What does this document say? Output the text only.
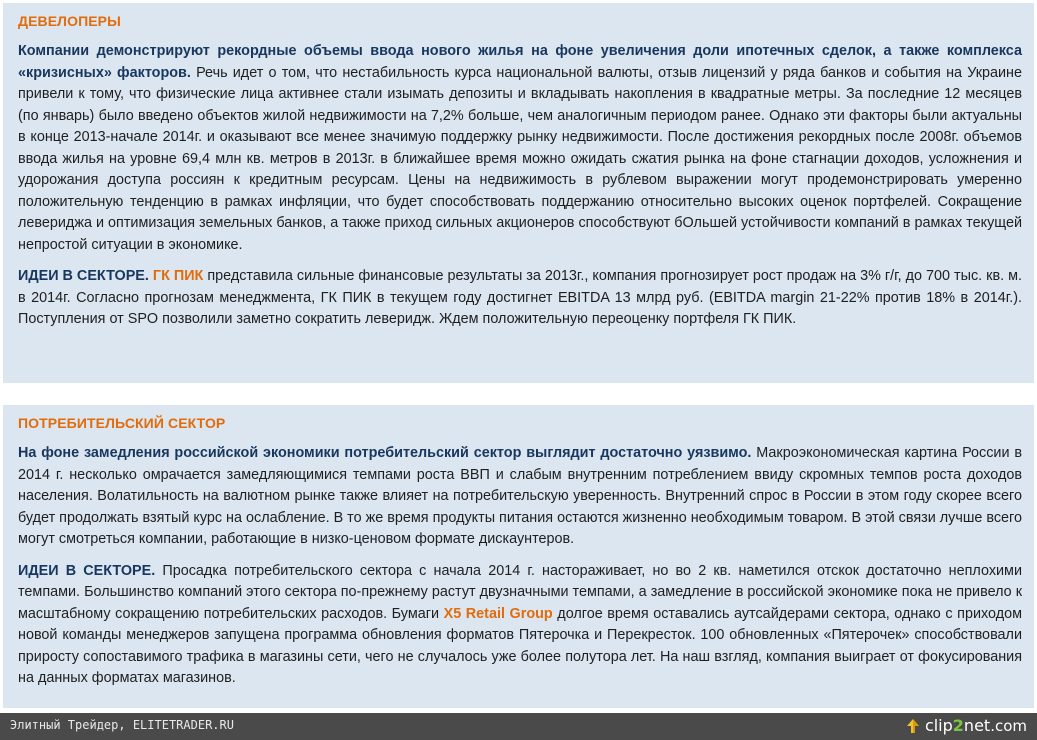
ДЕВЕЛОПЕРЫ

Компании демонстрируют рекордные объемы ввода нового жилья на фоне увеличения доли ипотечных сделок, а также комплекса «кризисных» факторов. Речь идет о том, что нестабильность курса национальной валюты, отзыв лицензий у ряда банков и события на Украине привели к тому, что физические лица активнее стали изымать депозиты и вкладывать накопления в квадратные метры. За последние 12 месяцев (по январь) было введено объектов жилой недвижимости на 7,2% больше, чем аналогичным периодом ранее. Однако эти факторы были актуальны в конце 2013-начале 2014г. и оказывают все менее значимую поддержку рынку недвижимости. После достижения рекордных после 2008г. объемов ввода жилья на уровне 69,4 млн кв. метров в 2013г. в ближайшее время можно ожидать сжатия рынка на фоне стагнации доходов, усложнения и удорожания доступа россиян к кредитным ресурсам. Цены на недвижимость в рублевом выражении могут продемонстрировать умеренно положительную тенденцию в рамках инфляции, что будет способствовать поддержанию относительно высоких оценок портфелей. Сокращение левериджа и оптимизация земельных банков, а также приход сильных акционеров способствуют бОльшей устойчивости компаний в рамках текущей непростой ситуации в экономике.

ИДЕИ В СЕКТОРЕ. ГК ПИК представила сильные финансовые результаты за 2013г., компания прогнозирует рост продаж на 3% г/г, до 700 тыс. кв. м. в 2014г. Согласно прогнозам менеджмента, ГК ПИК в текущем году достигнет EBITDA 13 млрд руб. (EBITDA margin 21-22% против 18% в 2014г.). Поступления от SPO позволили заметно сократить леверидж. Ждем положительную переоценку портфеля ГК ПИК.

ПОТРЕБИТЕЛЬСКИЙ СЕКТОР

На фоне замедления российской экономики потребительский сектор выглядит достаточно уязвимо. Макроэкономическая картина России в 2014 г. несколько омрачается замедляющимися темпами роста ВВП и слабым внутренним потреблением ввиду скромных темпов роста доходов населения. Волатильность на валютном рынке также влияет на потребительскую уверенность. Внутренний спрос в России в этом году скорее всего будет продолжать взятый курс на ослабление. В то же время продукты питания остаются жизненно необходимым товаром. В этой связи лучше всего могут смотреться компании, работающие в низко-ценовом формате дискаунтеров.

ИДЕИ В СЕКТОРЕ. Просадка потребительского сектора с начала 2014 г. настораживает, но во 2 кв. наметился отскок достаточно неплохими темпами. Большинство компаний этого сектора по-прежнему растут двузначными темпами, а замедление в российской экономике пока не привело к масштабному сокращению потребительских расходов. Бумаги X5 Retail Group долгое время оставались аутсайдерами сектора, однако с приходом новой команды менеджеров запущена программа обновления форматов Пятерочка и Перекресток. 100 обновленных «Пятерочек» способствовали приросту сопоставимого трафика в магазины сети, чего не случалось уже более полутора лет. На наш взгляд, компания выиграет от фокусирования на данных форматах магазинов.

Элитный Трейдер, ELITETRADER.RU	clip 2 net .com
